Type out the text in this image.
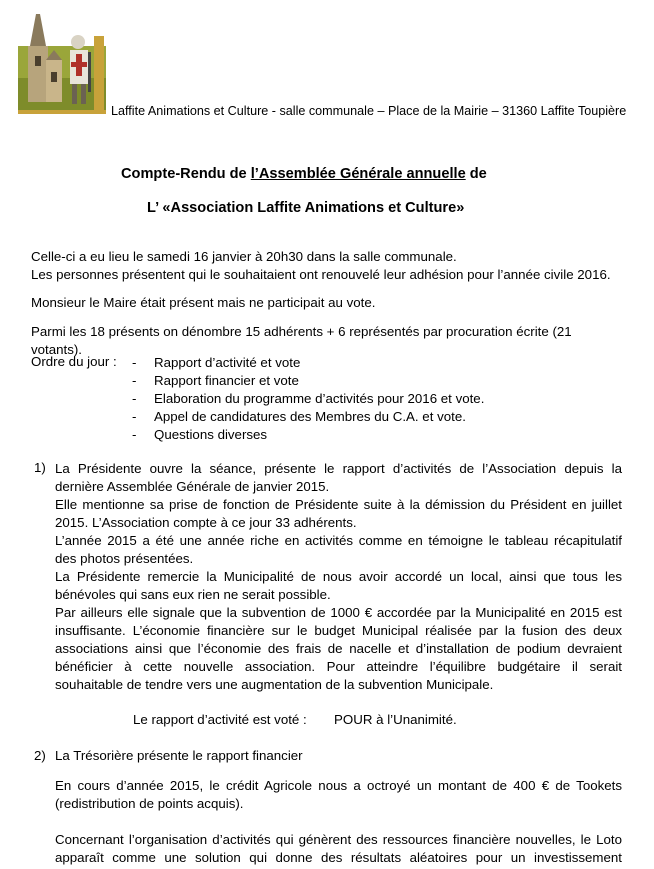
Laffite Animations et Culture - salle communale – Place de la Mairie – 31360 Laffite Toupière
Compte-Rendu de l’Assemblée Générale annuelle de
L’ «Association Laffite Animations et Culture»
Celle-ci a eu lieu le samedi 16 janvier à 20h30 dans la salle communale.
Les personnes présentent qui le souhaitaient ont renouvelé leur adhésion pour l’année civile 2016.
Monsieur le Maire était présent mais ne participait au vote.
Parmi les 18 présents on dénombre 15 adhérents + 6 représentés par procuration écrite (21 votants).
Ordre du jour : -	Rapport d’activité et vote
-	Rapport financier et vote
-	Elaboration du programme d’activités pour 2016 et vote.
-	Appel de candidatures des Membres du C.A. et vote.
-	Questions diverses
1) La Présidente ouvre la séance, présente le rapport d’activités de l’Association depuis la
dernière Assemblée Générale de janvier 2015.
Elle mentionne sa prise de fonction de Présidente suite à la démission du Président en juillet
2015. L’Association compte à ce jour 33 adhérents.
L’année 2015 a été une année riche en activités comme en témoigne le tableau récapitulatif
des photos présentées.
La Présidente remercie la Municipalité de nous avoir accordé un local, ainsi que tous les
bénévoles qui sans eux rien ne serait possible.
Par ailleurs elle signale que la subvention de 1000 € accordée par la Municipalité en 2015 est
insuffisante. L’économie financière sur le budget Municipal réalisée par la fusion des deux
associations ainsi que l’économie des frais de nacelle et d’installation de podium devraient
bénéficier à cette nouvelle association. Pour atteindre l’équilibre budgétaire il serait
souhaitable de tendre vers une augmentation de la subvention Municipale.
Le rapport d’activité est voté : POUR à l’Unanimité.
2) La Trésorière présente le rapport financier
En cours d’année 2015, le crédit Agricole nous a octroyé un montant de 400 € de Tookets
(redistribution de points acquis).
Concernant l’organisation d’activités qui génèrent des ressources financière nouvelles, le Loto
apparaît comme une solution qui donne des résultats aléatoires pour un investissement
